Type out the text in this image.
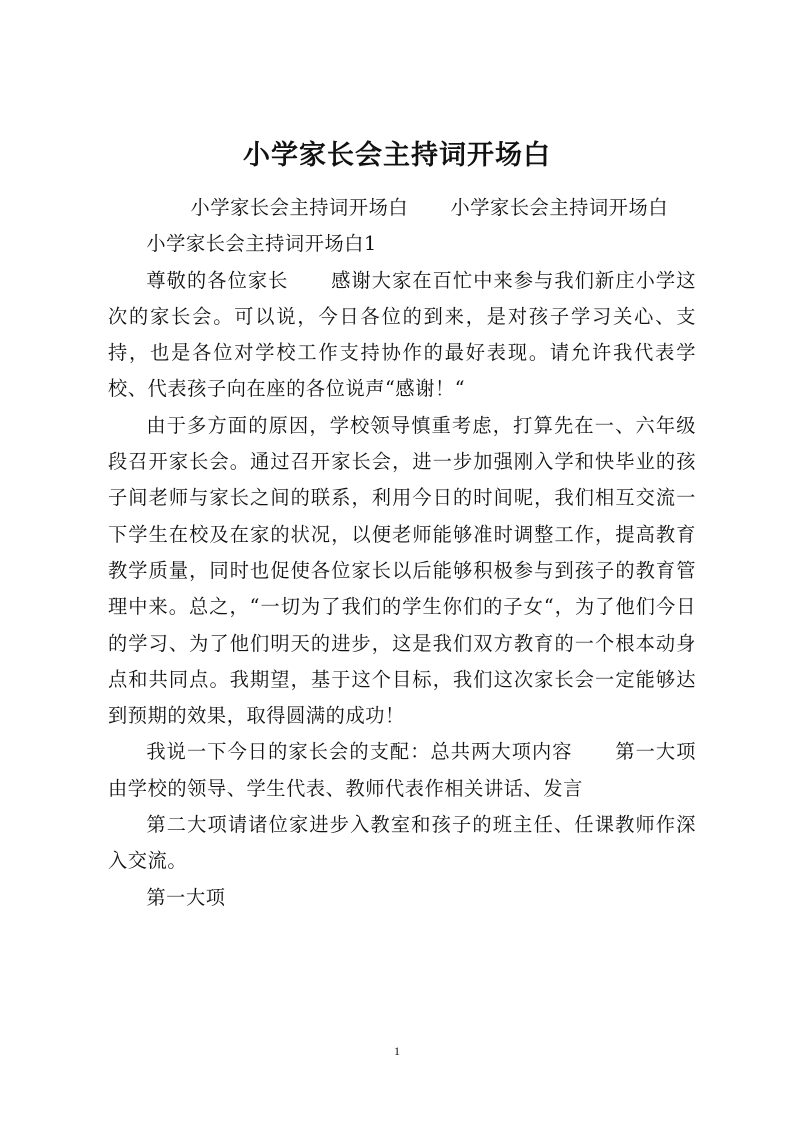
小学家长会主持词开场白

小学家长会主持词开场白 小学家长会主持词开场白

小学家长会主持词开场白1

尊敬的各位家长 感谢大家在百忙中来参与我们新庄小学这次的家长会。可以说，今日各位的到来，是对孩子学习关心、支持，也是各位对学校工作支持协作的最好表现。请允许我代表学校、代表孩子向在座的各位说声“感谢！“

由于多方面的原因，学校领导慎重考虑，打算先在一、六年级段召开家长会。通过召开家长会，进一步加强刚入学和快毕业的孩子间老师与家长之间的联系，利用今日的时间呢，我们相互交流一下学生在校及在家的状况，以便老师能够准时调整工作，提高教育教学质量，同时也促使各位家长以后能够积极参与到孩子的教育管理中来。总之，“一切为了我们的学生你们的子女“，为了他们今日的学习、为了他们明天的进步，这是我们双方教育的一个根本动身点和共同点。我期望，基于这个目标，我们这次家长会一定能够达到预期的效果，取得圆满的成功！

我说一下今日的家长会的支配：总共两大项内容 第一大项由学校的领导、学生代表、教师代表作相关讲话、发言

第二大项请诸位家进步入教室和孩子的班主任、任课教师作深入交流。

第一大项

1
